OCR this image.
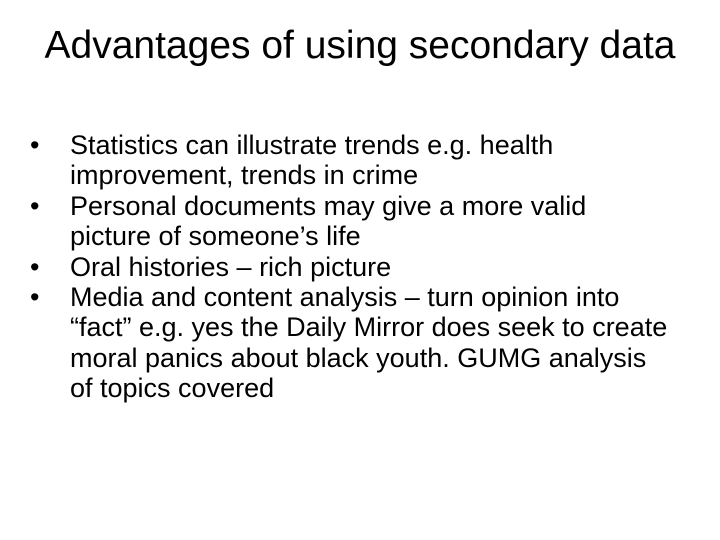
Advantages of using secondary data
• Statistics can illustrate trends e.g. health improvement, trends in crime
• Personal documents may give a more valid picture of someone’s life
• Oral histories – rich picture
• Media and content analysis – turn opinion into “fact” e.g. yes the Daily Mirror does seek to create moral panics about black youth. GUMG analysis of topics covered
